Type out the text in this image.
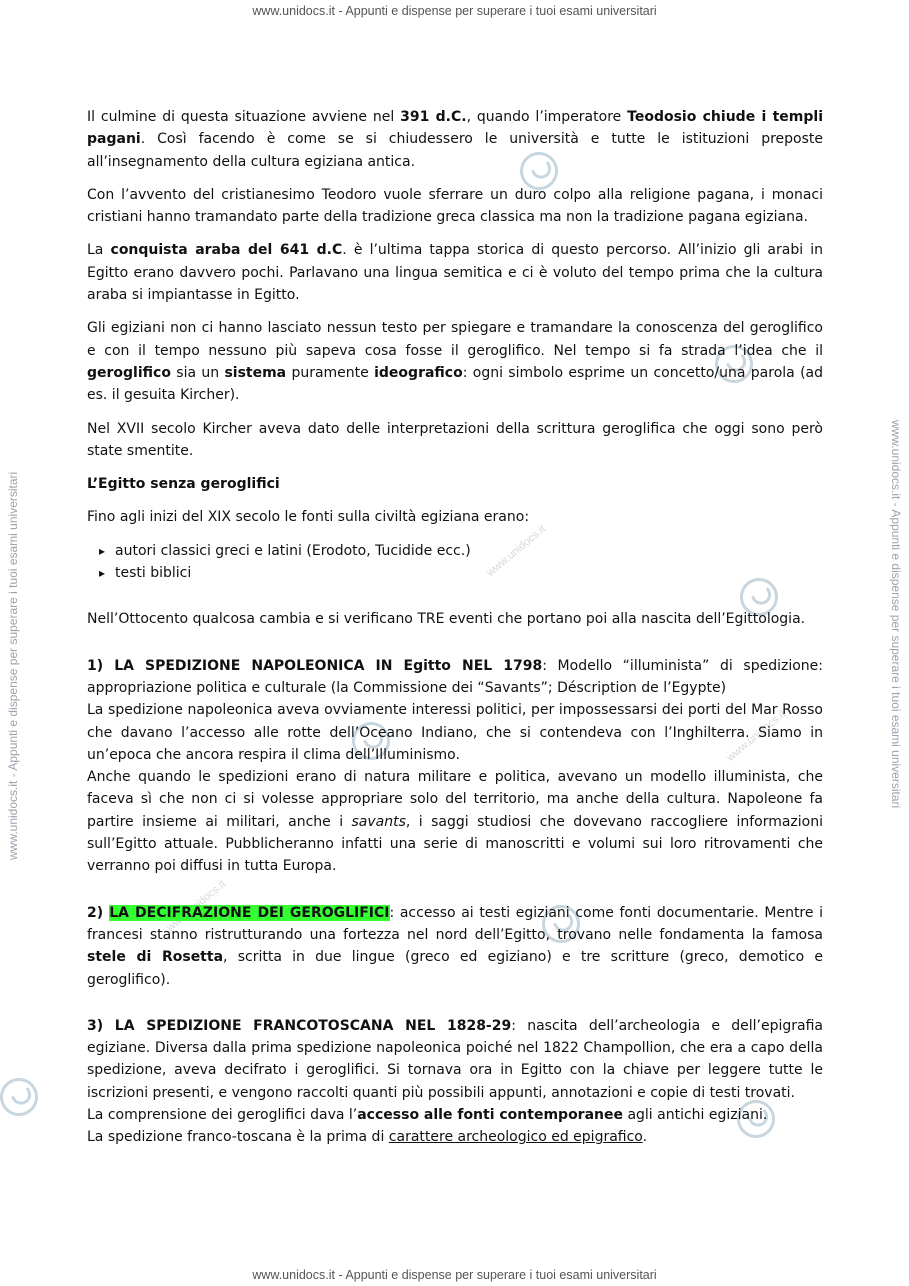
www.unidocs.it - Appunti e dispense per superare i tuoi esami universitari
www.unidocs.it - Appunti e dispense per superare i tuoi esami universitari
www.unidocs.it - Appunti e dispense per superare i tuoi esami universitari	www.unidocs.it - Appunti e dispense per superare i tuoi esami universitari
www.unidocs.it
www.unidocs.it

Il culmine di questa situazione avviene nel 391 d.C., quando l’imperatore Teodosio chiude i templi pagani. Così facendo è come se si chiudessero le università e tutte le istituzioni preposte all’insegnamento della cultura egiziana antica.

Con l’avvento del cristianesimo Teodoro vuole sferrare un duro colpo alla religione pagana, i monaci cristiani hanno tramandato parte della tradizione greca classica ma non la tradizione pagana egiziana.

La conquista araba del 641 d.C. è l’ultima tappa storica di questo percorso. All’inizio gli arabi in Egitto erano davvero pochi. Parlavano una lingua semitica e ci è voluto del tempo prima che la cultura araba si impiantasse in Egitto.

Gli egiziani non ci hanno lasciato nessun testo per spiegare e tramandare la conoscenza del geroglifico e con il tempo nessuno più sapeva cosa fosse il geroglifico. Nel tempo si fa strada l’idea che il geroglifico sia un sistema puramente ideografico: ogni simbolo esprime un concetto/una parola (ad es. il gesuita Kircher).

Nel XVII secolo Kircher aveva dato delle interpretazioni della scrittura geroglifica che oggi sono però state smentite.

L’Egitto senza geroglifici

Fino agli inizi del XIX secolo le fonti sulla civiltà egiziana erano:

▸ autori classici greci e latini (Erodoto, Tucidide ecc.)
▸ testi biblici

Nell’Ottocento qualcosa cambia e si verificano TRE eventi che portano poi alla nascita dell’Egittologia.

1) LA SPEDIZIONE NAPOLEONICA IN Egitto NEL 1798: Modello “illuminista” di spedizione: appropriazione politica e culturale (la Commissione dei “Savants”; Déscription de l’Egypte)
La spedizione napoleonica aveva ovviamente interessi politici, per impossessarsi dei porti del Mar Rosso che davano l’accesso alle rotte dell’Oceano Indiano, che si contendeva con l’Inghilterra. Siamo in un’epoca che ancora respira il clima dell’Illuminismo.
Anche quando le spedizioni erano di natura militare e politica, avevano un modello illuminista, che faceva sì che non ci si volesse appropriare solo del territorio, ma anche della cultura. Napoleone fa partire insieme ai militari, anche i savants, i saggi studiosi che dovevano raccogliere informazioni sull’Egitto attuale. Pubblicheranno infatti una serie di manoscritti e volumi sui loro ritrovamenti che verranno poi diffusi in tutta Europa.

2) LA DECIFRAZIONE DEI GEROGLIFICI: accesso ai testi egiziani come fonti documentarie. Mentre i francesi stanno ristrutturando una fortezza nel nord dell’Egitto, trovano nelle fondamenta la famosa stele di Rosetta, scritta in due lingue (greco ed egiziano) e tre scritture (greco, demotico e geroglifico).

3) LA SPEDIZIONE FRANCOTOSCANA NEL 1828-29: nascita dell’archeologia e dell’epigrafia egiziane. Diversa dalla prima spedizione napoleonica poiché nel 1822 Champollion, che era a capo della spedizione, aveva decifrato i geroglifici. Si tornava ora in Egitto con la chiave per leggere tutte le iscrizioni presenti, e vengono raccolti quanti più possibili appunti, annotazioni e copie di testi trovati.
La comprensione dei geroglifici dava l’accesso alle fonti contemporanee agli antichi egiziani.
La spedizione franco-toscana è la prima di carattere archeologico ed epigrafico.
